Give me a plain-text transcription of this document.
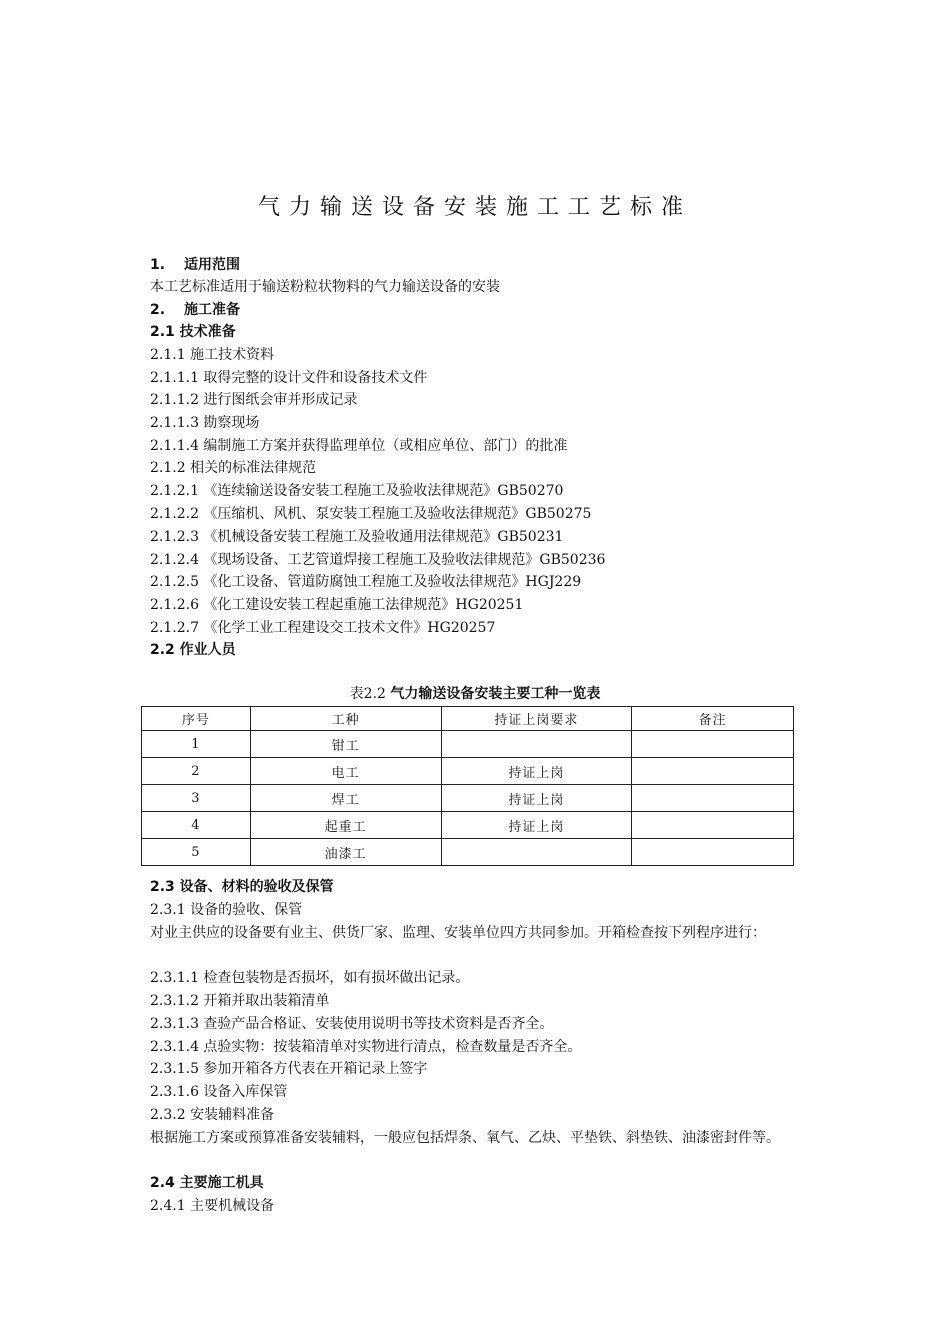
气力输送设备安装施工工艺标准
1. 适用范围
本工艺标准适用于输送粉粒状物料的气力输送设备的安装
2. 施工准备
2.1 技术准备
2.1.1 施工技术资料
2.1.1.1 取得完整的设计文件和设备技术文件
2.1.1.2 进行图纸会审并形成记录
2.1.1.3 勘察现场
2.1.1.4 编制施工方案并获得监理单位（或相应单位、部门）的批准
2.1.2 相关的标准法律规范
2.1.2.1 《连续输送设备安装工程施工及验收法律规范》GB50270
2.1.2.2 《压缩机、风机、泵安装工程施工及验收法律规范》GB50275
2.1.2.3 《机械设备安装工程施工及验收通用法律规范》GB50231
2.1.2.4 《现场设备、工艺管道焊接工程施工及验收法律规范》GB50236
2.1.2.5 《化工设备、管道防腐蚀工程施工及验收法律规范》HGJ229
2.1.2.6 《化工建设安装工程起重施工法律规范》HG20251
2.1.2.7 《化学工业工程建设交工技术文件》HG20257
2.2 作业人员
表2.2 气力输送设备安装主要工种一览表
序号	工种	持证上岗要求	备注
1	钳工		
2	电工	持证上岗	
3	焊工	持证上岗	
4	起重工	持证上岗	
5	油漆工		
2.3 设备、材料的验收及保管
2.3.1 设备的验收、保管
对业主供应的设备要有业主、供货厂家、监理、安装单位四方共同参加。开箱检查按下列程序进行：
2.3.1.1 检查包装物是否损坏，如有损坏做出记录。
2.3.1.2 开箱并取出装箱清单
2.3.1.3 查验产品合格证、安装使用说明书等技术资料是否齐全。
2.3.1.4 点验实物：按装箱清单对实物进行清点，检查数量是否齐全。
2.3.1.5 参加开箱各方代表在开箱记录上签字
2.3.1.6 设备入库保管
2.3.2 安装辅料准备
根据施工方案或预算准备安装辅料，一般应包括焊条、氧气、乙炔、平垫铁、斜垫铁、油漆密封件等。
2.4 主要施工机具
2.4.1 主要机械设备
